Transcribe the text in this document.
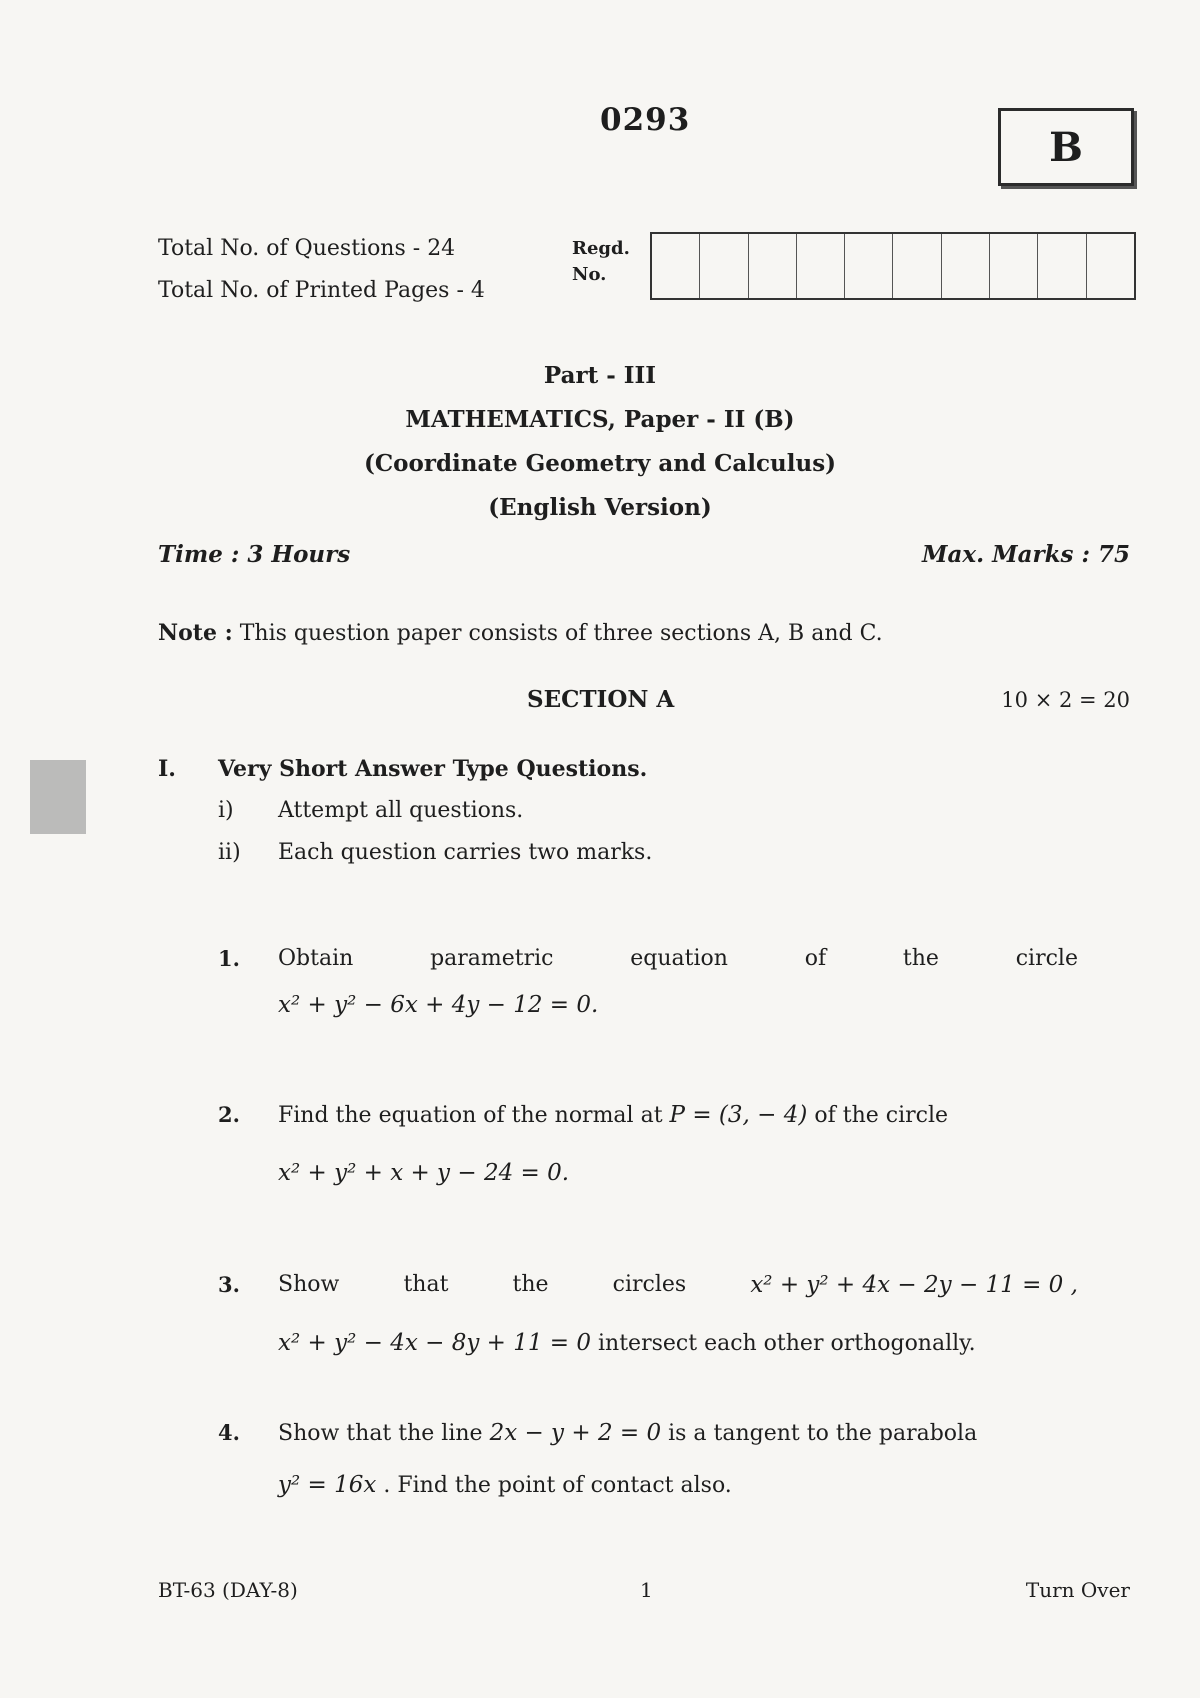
0293
B
Total No. of Questions - 24
Total No. of Printed Pages - 4
Regd.
No.
Part - III
MATHEMATICS, Paper - II (B)
(Coordinate Geometry and Calculus)
(English Version)
Time : 3 Hours	Max. Marks : 75
Note : This question paper consists of three sections A, B and C.
SECTION A	10 × 2 = 20
I. Very Short Answer Type Questions.
i) Attempt all questions.
ii) Each question carries two marks.
1. Obtain	parametric	equation	of	the	circle
x² + y² − 6x + 4y − 12 = 0.
2. Find the equation of the normal at P = (3, − 4) of the circle
x² + y² + x + y − 24 = 0.
3. Show	that	the	circles	x² + y² + 4x − 2y − 11 = 0 ,
x² + y² − 4x − 8y + 11 = 0 intersect each other orthogonally.
4. Show that the line 2x − y + 2 = 0 is a tangent to the parabola
y² = 16x . Find the point of contact also.
BT-63 (DAY-8)	1	Turn Over
